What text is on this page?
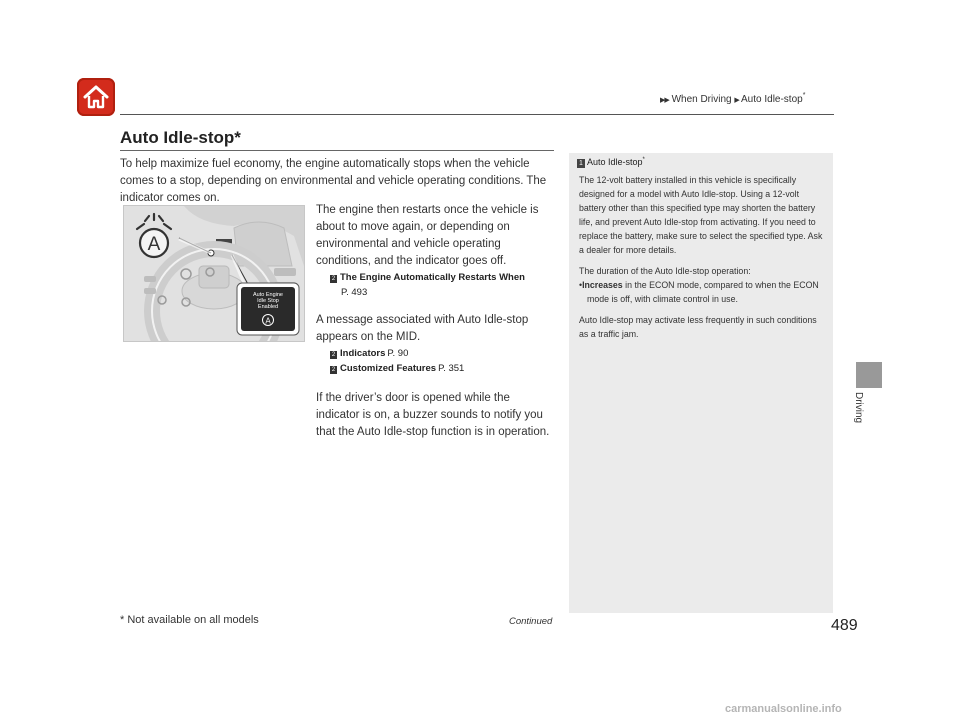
▶▶ When Driving ▶ Auto Idle-stop*
Auto Idle-stop*

To help maximize fuel economy, the engine automatically stops when the vehicle comes to a stop, depending on environmental and vehicle operating conditions. The indicator comes on.

A
Auto Engine
Idle Stop
Enabled
A

The engine then restarts once the vehicle is about to move again, or depending on environmental and vehicle operating conditions, and the indicator goes off.

2 The Engine Automatically Restarts When
P. 493

A message associated with Auto Idle-stop appears on the MID.

2 Indicators P. 90
2 Customized Features P. 351

If the driver’s door is opened while the indicator is on, a buzzer sounds to notify you that the Auto Idle-stop function is in operation.

1 Auto Idle-stop*

The 12-volt battery installed in this vehicle is specifically designed for a model with Auto Idle-stop. Using a 12-volt battery other than this specified type may shorten the battery life, and prevent Auto Idle-stop from activating. If you need to replace the battery, make sure to select the specified type. Ask a dealer for more details.

The duration of the Auto Idle-stop operation:

•Increases in the ECON mode, compared to when the ECON mode is off, with climate control in use.

Auto Idle-stop may activate less frequently in such conditions as a traffic jam.

Driving
* Not available on all models	Continued	489
carmanualsonline.info
